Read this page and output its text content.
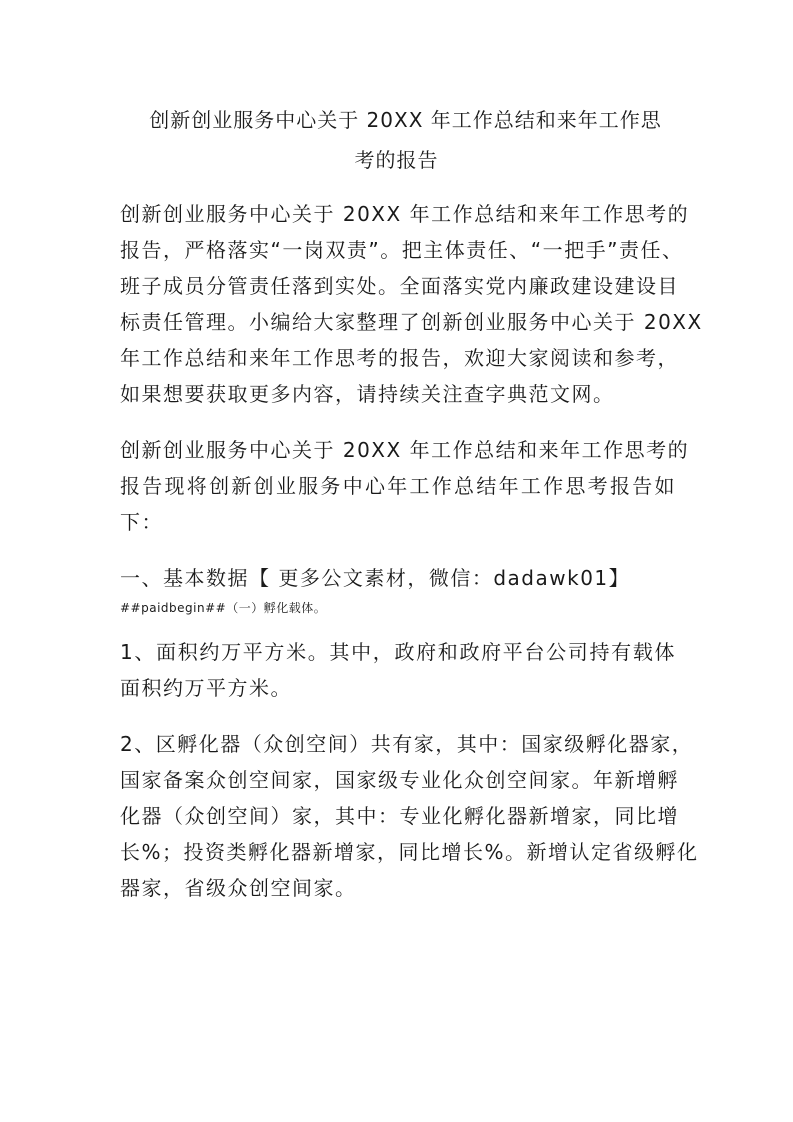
创新创业服务中心关于 20XX 年工作总结和来年工作思
考的报告
创新创业服务中心关于 20XX 年工作总结和来年工作思考的
报告，严格落实“一岗双责”。把主体责任、“一把手”责任、
班子成员分管责任落到实处。全面落实党内廉政建设建设目
标责任管理。小编给大家整理了创新创业服务中心关于 20XX
年工作总结和来年工作思考的报告，欢迎大家阅读和参考，
如果想要获取更多内容，请持续关注查字典范文网。
创新创业服务中心关于 20XX 年工作总结和来年工作思考的
报告现将创新创业服务中心年工作总结年工作思考报告如
下：
一、基本数据【 更多公文素材，微信：dadawk01】
##paidbegin##（一）孵化载体。
1、面积约万平方米。其中，政府和政府平台公司持有载体
面积约万平方米。
2、区孵化器（众创空间）共有家，其中：国家级孵化器家，
国家备案众创空间家，国家级专业化众创空间家。年新增孵
化器（众创空间）家，其中：专业化孵化器新增家，同比增
长%；投资类孵化器新增家，同比增长%。新增认定省级孵化
器家，省级众创空间家。
